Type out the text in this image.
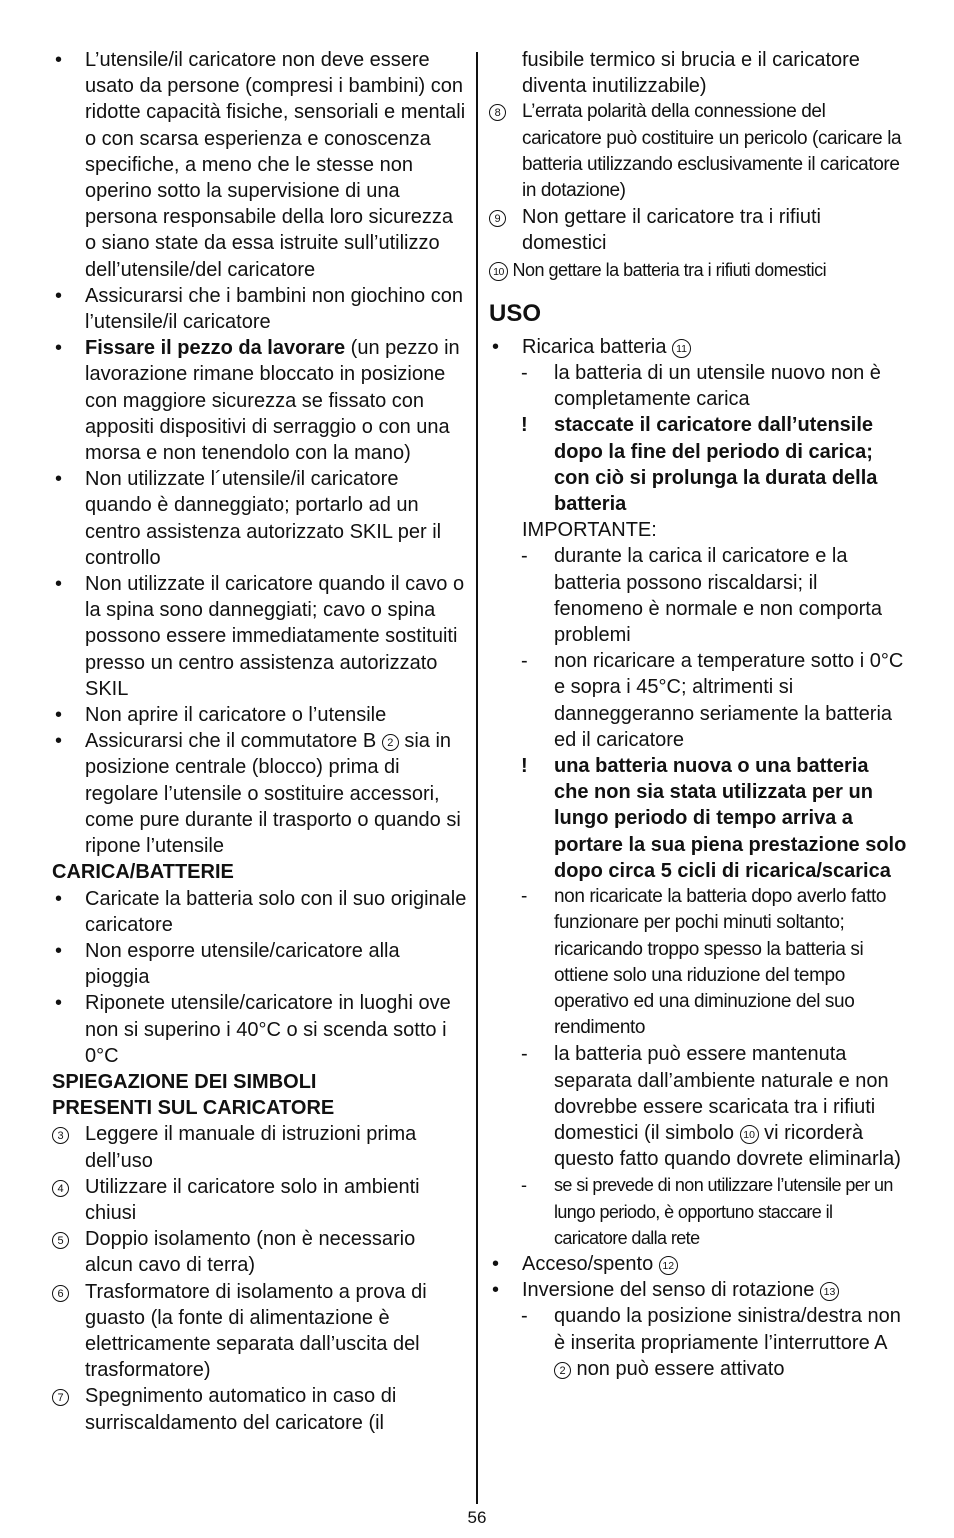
• L’utensile/il caricatore non deve essere usato da persone (compresi i bambini) con ridotte capacità fisiche, sensoriali e mentali o con scarsa esperienza e conoscenza specifiche, a meno che le stesse non operino sotto la supervisione di una persona responsabile della loro sicurezza o siano state da essa istruite sull’utilizzo dell’utensile/del caricatore
• Assicurarsi che i bambini non giochino con l’utensile/il caricatore
• Fissare il pezzo da lavorare (un pezzo in lavorazione rimane bloccato in posizione con maggiore sicurezza se fissato con appositi dispositivi di serraggio o con una morsa e non tenendolo con la mano)
• Non utilizzate l´utensile/il caricatore quando è danneggiato; portarlo ad un centro assistenza autorizzato SKIL per il controllo
• Non utilizzate il caricatore quando il cavo o la spina sono danneggiati; cavo o spina possono essere immediatamente sostituiti presso un centro assistenza autorizzato SKIL
• Non aprire il caricatore o l’utensile
• Assicurarsi che il commutatore B 2 sia in posizione centrale (blocco) prima di regolare l’utensile o sostituire accessori, come pure durante il trasporto o quando si ripone l’utensile
CARICA/BATTERIE
• Caricate la batteria solo con il suo originale caricatore
• Non esporre utensile/caricatore alla pioggia
• Riponete utensile/caricatore in luoghi ove non si superino i 40°C o si scenda sotto i 0°C
SPIEGAZIONE DEI SIMBOLI
PRESENTI SUL CARICATORE
3 Leggere il manuale di istruzioni prima dell’uso
4 Utilizzare il caricatore solo in ambienti chiusi
5 Doppio isolamento (non è necessario alcun cavo di terra)
6 Trasformatore di isolamento a prova di guasto (la fonte di alimentazione è elettricamente separata dall’uscita del trasformatore)
7 Spegnimento automatico in caso di surriscaldamento del caricatore (il
fusibile termico si brucia e il caricatore diventa inutilizzabile)
8 L’errata polarità della connessione del caricatore può costituire un pericolo (caricare la batteria utilizzando esclusivamente il caricatore in dotazione)
9 Non gettare il caricatore tra i rifiuti domestici
10 Non gettare la batteria tra i rifiuti domestici
USO
• Ricarica batteria 11
- la batteria di un utensile nuovo non è completamente carica
! staccate il caricatore dall’utensile dopo la fine del periodo di carica; con ciò si prolunga la durata della batteria
IMPORTANTE:
- durante la carica il caricatore e la batteria possono riscaldarsi; il fenomeno è normale e non comporta problemi
- non ricaricare a temperature sotto i 0°C e sopra i 45°C; altrimenti si danneggeranno seriamente la batteria ed il caricatore
! una batteria nuova o una batteria che non sia stata utilizzata per un lungo periodo di tempo arriva a portare la sua piena prestazione solo dopo circa 5 cicli di ricarica/scarica
- non ricaricate la batteria dopo averlo fatto funzionare per pochi minuti soltanto; ricaricando troppo spesso la batteria si ottiene solo una riduzione del tempo operativo ed una diminuzione del suo rendimento
- la batteria può essere mantenuta separata dall’ambiente naturale e non dovrebbe essere scaricata tra i rifiuti domestici (il simbolo 10 vi ricorderà questo fatto quando dovrete eliminarla)
- se si prevede di non utilizzare l’utensile per un lungo periodo, è opportuno staccare il caricatore dalla rete
• Acceso/spento 12
• Inversione del senso di rotazione 13
- quando la posizione sinistra/destra non è inserita propriamente l’interruttore A 2 non può essere attivato
56
